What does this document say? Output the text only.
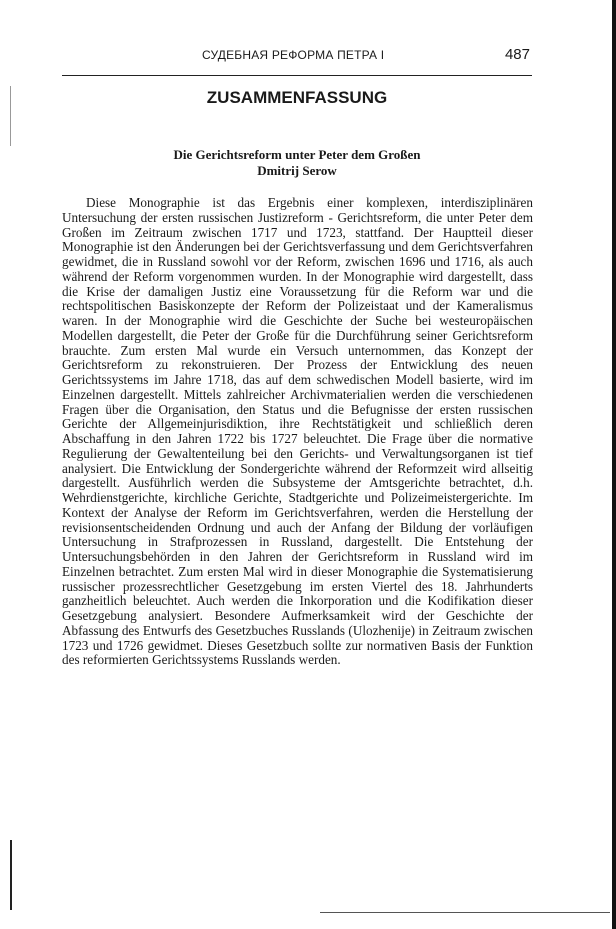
СУДЕБНАЯ РЕФОРМА ПЕТРА I	487
ZUSAMMENFASSUNG
Die Gerichtsreform unter Peter dem Großen
Dmitrij Serow
Diese Monographie ist das Ergebnis einer komplexen, interdisziplinären Untersuchung der ersten russischen Justizreform - Gerichtsreform, die unter Peter dem Großen im Zeitraum zwischen 1717 und 1723, stattfand. Der Hauptteil dieser Monographie ist den Änderungen bei der Gerichtsverfassung und dem Gerichtsverfahren gewidmet, die in Russland sowohl vor der Reform, zwischen 1696 und 1716, als auch während der Reform vorgenommen wurden. In der Monographie wird dargestellt, dass die Krise der damaligen Justiz eine Voraussetzung für die Reform war und die rechtspolitischen Basiskonzepte der Reform der Polizeistaat und der Kameralismus waren. In der Monographie wird die Geschichte der Suche bei westeuropäischen Modellen dargestellt, die Peter der Große für die Durchführung seiner Gerichtsreform brauchte. Zum ersten Mal wurde ein Versuch unternommen, das Konzept der Gerichtsreform zu rekonstruieren. Der Prozess der Entwicklung des neuen Gerichtssystems im Jahre 1718, das auf dem schwedischen Modell basierte, wird im Einzelnen dargestellt. Mittels zahlreicher Archivmaterialien werden die verschiedenen Fragen über die Organisation, den Status und die Befugnisse der ersten russischen Gerichte der Allgemeinjurisdiktion, ihre Rechtstätigkeit und schließlich deren Abschaffung in den Jahren 1722 bis 1727 beleuchtet. Die Frage über die normative Regulierung der Gewaltenteilung bei den Gerichts- und Verwaltungsorganen ist tief analysiert. Die Entwicklung der Sondergerichte während der Reformzeit wird allseitig dargestellt. Ausführlich werden die Subsysteme der Amtsgerichte betrachtet, d.h. Wehrdienstgerichte, kirchliche Gerichte, Stadtgerichte und Polizeimeistergerichte. Im Kontext der Analyse der Reform im Gerichtsverfahren, werden die Herstellung der revisionsentscheidenden Ordnung und auch der Anfang der Bildung der vorläufigen Untersuchung in Strafprozessen in Russland, dargestellt. Die Entstehung der Untersuchungsbehörden in den Jahren der Gerichtsreform in Russland wird im Einzelnen betrachtet. Zum ersten Mal wird in dieser Monographie die Systematisierung russischer prozessrechtlicher Gesetzgebung im ersten Viertel des 18. Jahrhunderts ganzheitlich beleuchtet. Auch werden die Inkorporation und die Kodifikation dieser Gesetzgebung analysiert. Besondere Aufmerksamkeit wird der Geschichte der Abfassung des Entwurfs des Gesetzbuches Russlands (Ulozhenije) in Zeitraum zwischen 1723 und 1726 gewidmet. Dieses Gesetzbuch sollte zur normativen Basis der Funktion des reformierten Gerichtssystems Russlands werden.
